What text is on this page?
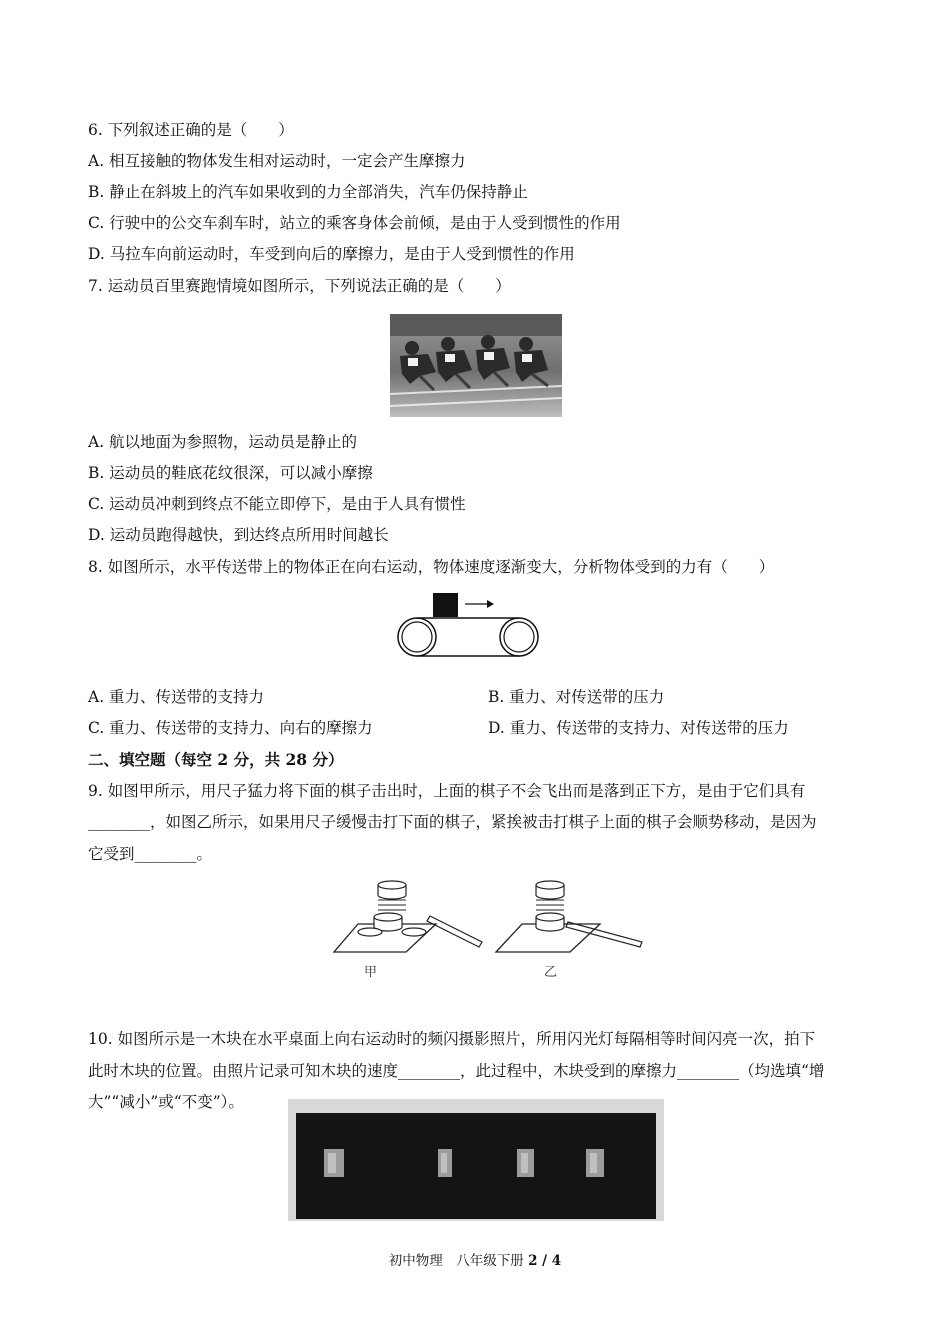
6. 下列叙述正确的是（　　）
A. 相互接触的物体发生相对运动时，一定会产生摩擦力
B. 静止在斜坡上的汽车如果收到的力全部消失，汽车仍保持静止
C. 行驶中的公交车刹车时，站立的乘客身体会前倾，是由于人受到惯性的作用
D. 马拉车向前运动时，车受到向后的摩擦力，是由于人受到惯性的作用
7. 运动员百里赛跑情境如图所示，下列说法正确的是（　　）
A. 航以地面为参照物，运动员是静止的
B. 运动员的鞋底花纹很深，可以减小摩擦
C. 运动员冲刺到终点不能立即停下，是由于人具有惯性
D. 运动员跑得越快，到达终点所用时间越长
8. 如图所示，水平传送带上的物体正在向右运动，物体速度逐渐变大，分析物体受到的力有（　　）
A. 重力、传送带的支持力	B. 重力、对传送带的压力
C. 重力、传送带的支持力、向右的摩擦力	D. 重力、传送带的支持力、对传送带的压力
二、填空题（每空 2 分，共 28 分）
9. 如图甲所示，用尺子猛力将下面的棋子击出时，上面的棋子不会飞出而是落到正下方，是由于它们具有
________，如图乙所示，如果用尺子缓慢击打下面的棋子，紧挨被击打棋子上面的棋子会顺势移动，是因为
它受到________。
甲	乙
10. 如图所示是一木块在水平桌面上向右运动时的频闪摄影照片，所用闪光灯每隔相等时间闪亮一次，拍下
此时木块的位置。由照片记录可知木块的速度________，此过程中，木块受到的摩擦力________（均选填“增
大”“减小”或“不变”）。
初中物理　八年级下册 2 / 4
